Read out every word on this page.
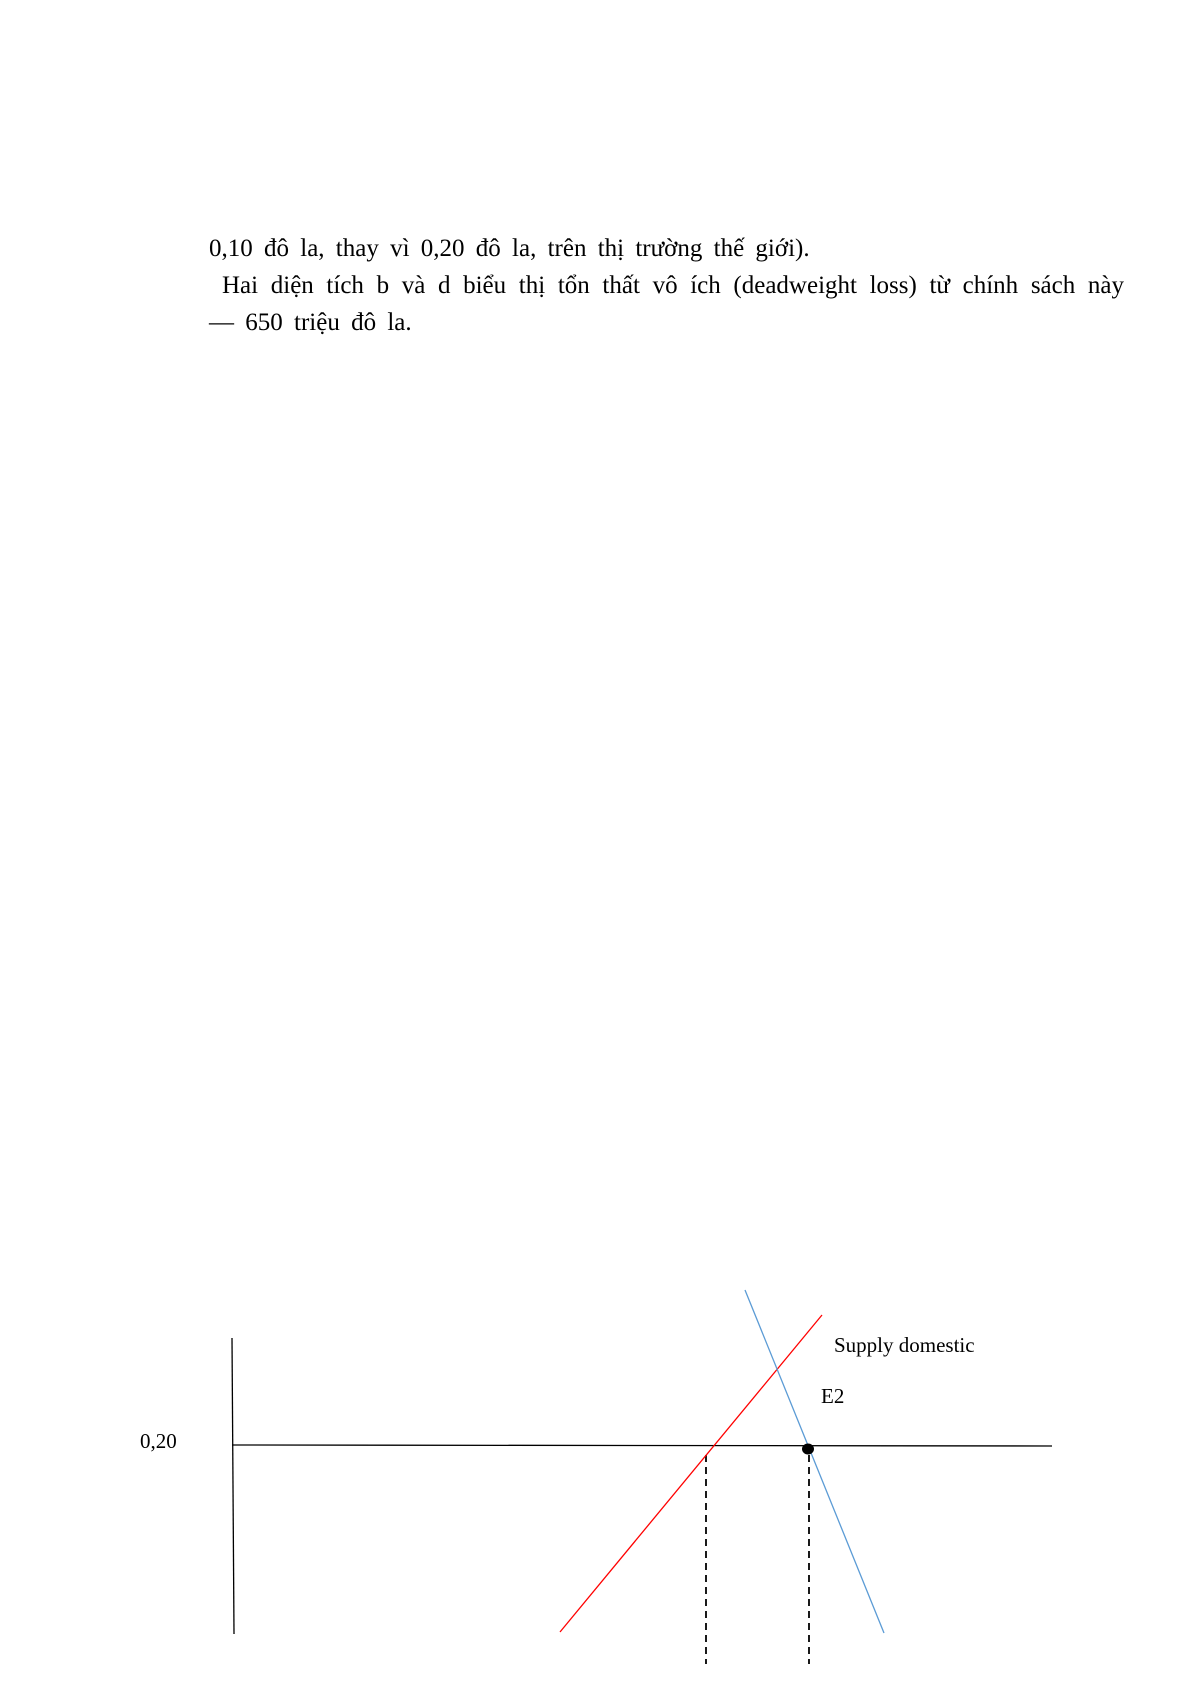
0,10 đô la, thay vì 0,20 đô la, trên thị trường thế giới).

Hai diện tích b và d biểu thị tổn thất vô ích (deadweight loss) từ chính sách này — 650 triệu đô la.

0,20
Supply domestic
E2
